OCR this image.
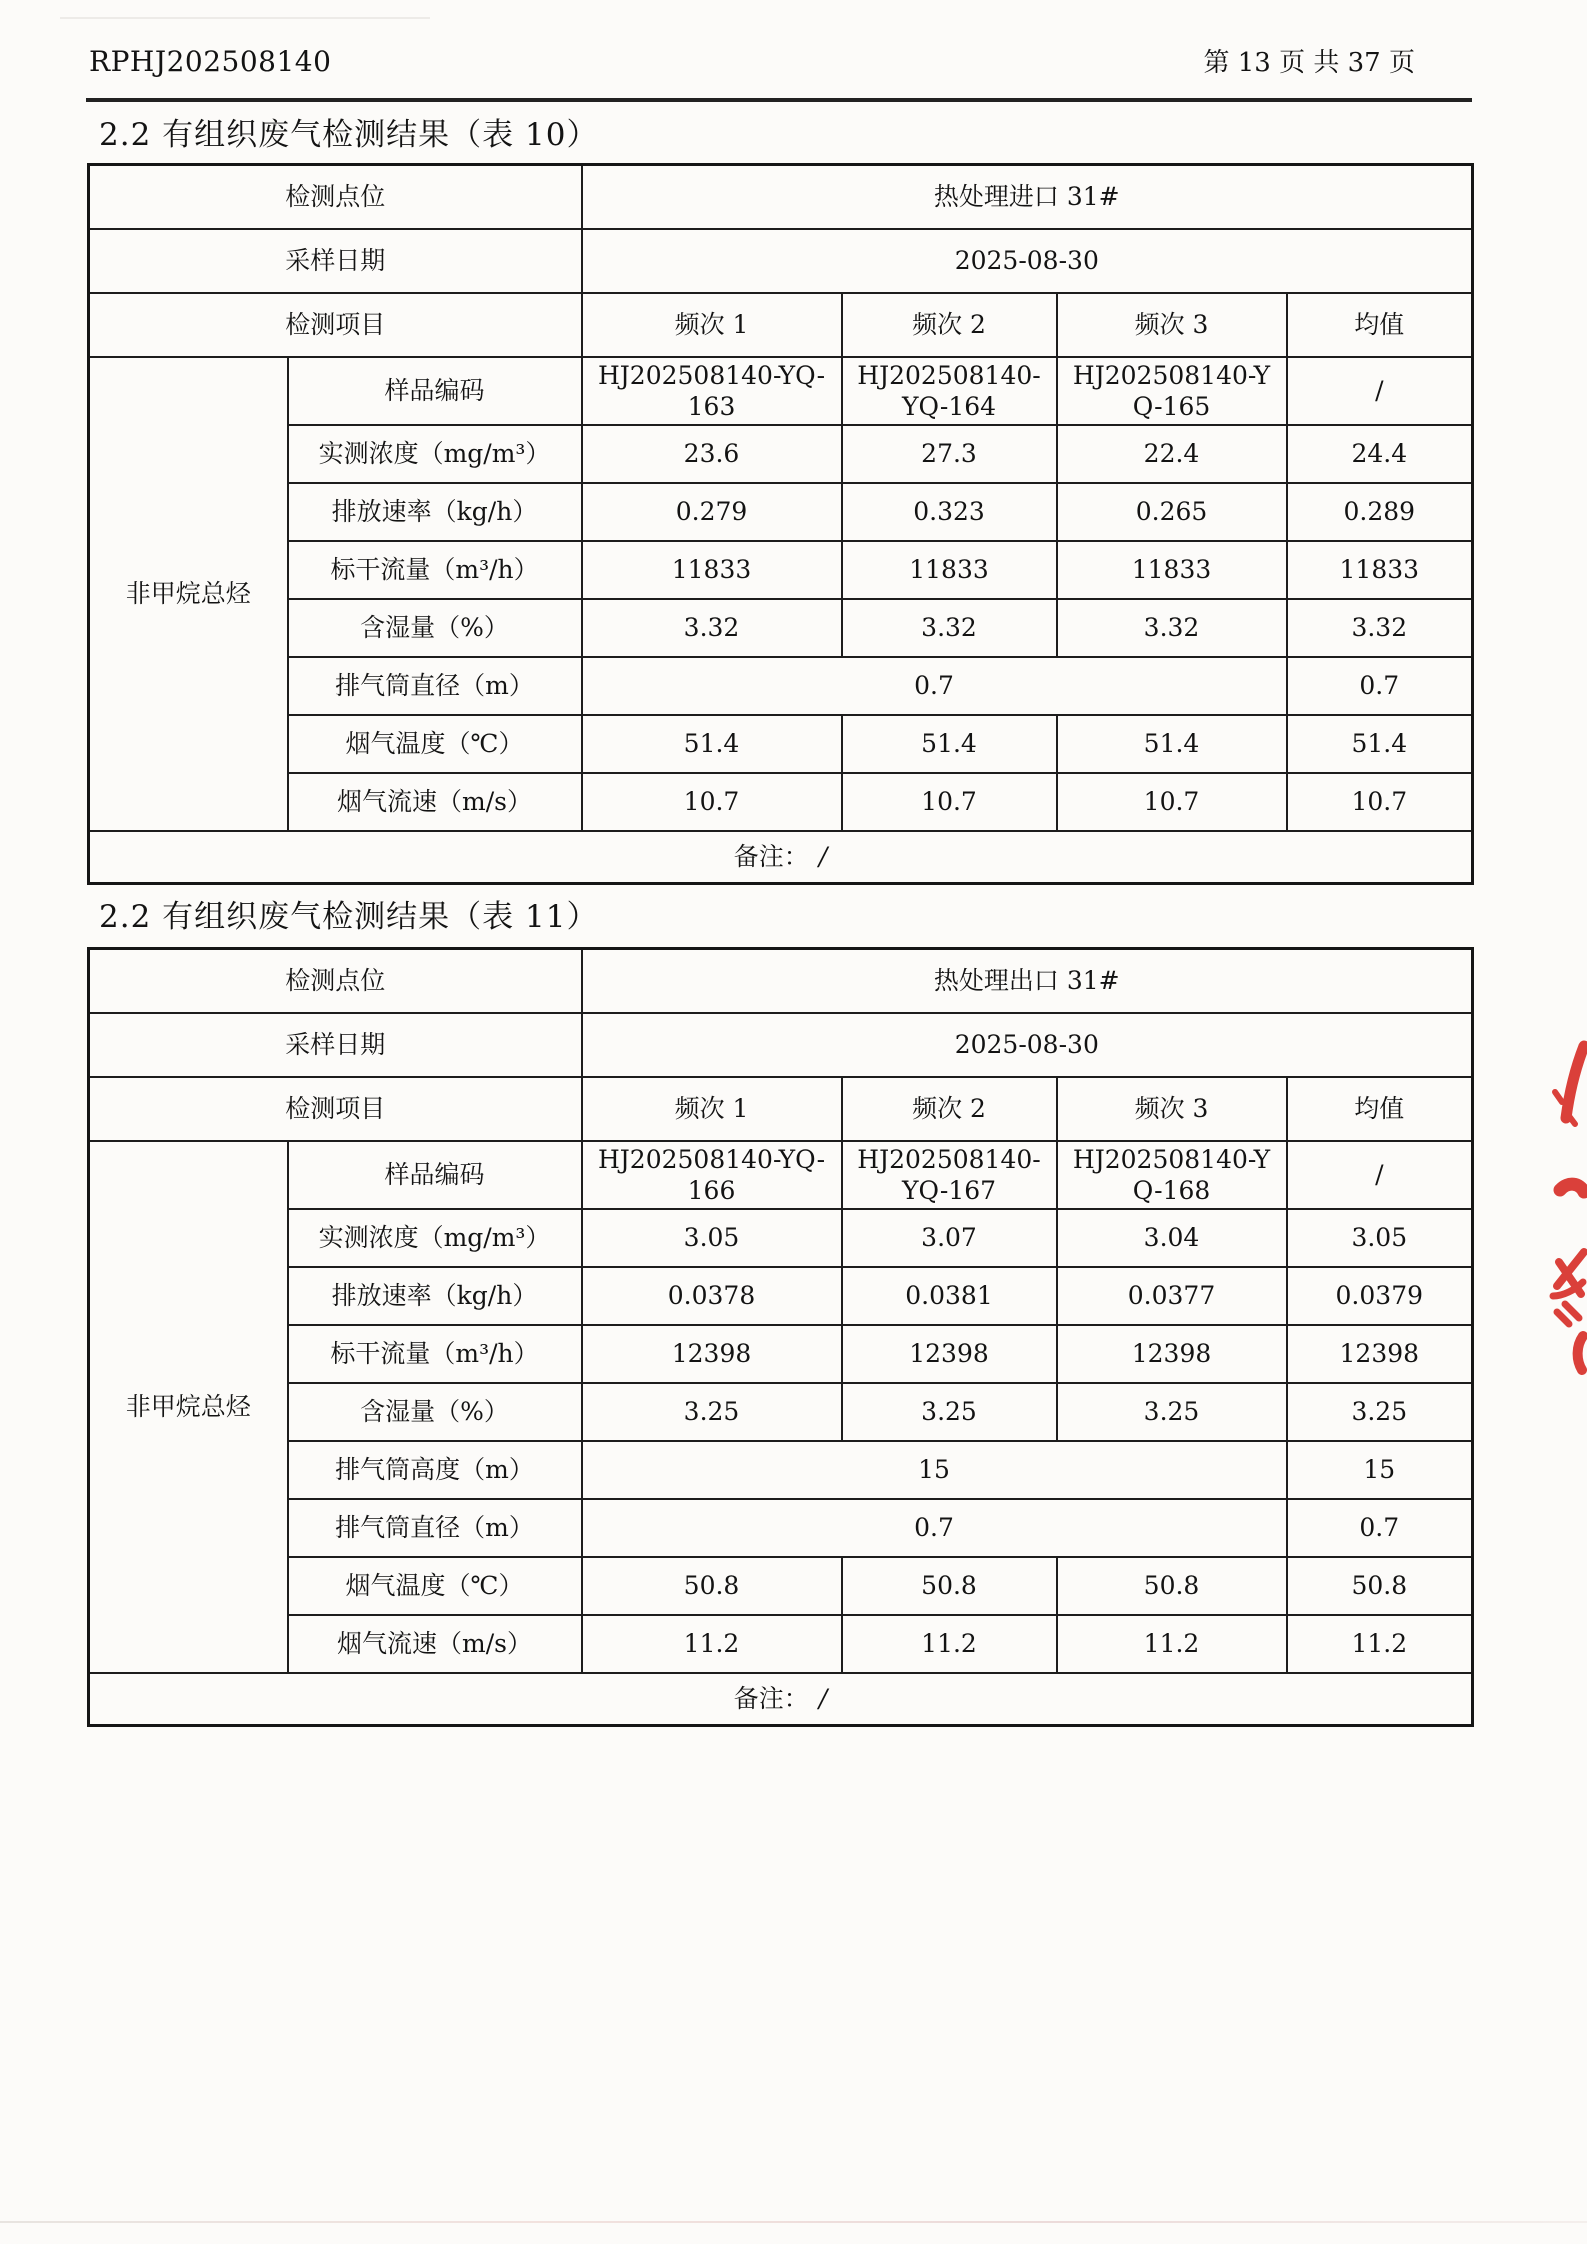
RPHJ202508140	第 13 页 共 37 页
2.2 有组织废气检测结果（表 10）
检测点位		热处理进口 31#			
采样日期		2025-08-30			
检测项目		频次 1	频次 2	频次 3	均值
非甲烷总烃	样品编码	HJ202508140-YQ-163	HJ202508140-YQ-164	HJ202508140-YQ-165	/
	实测浓度（mg/m³）	23.6	27.3	22.4	24.4
	排放速率（kg/h）	0.279	0.323	0.265	0.289
	标干流量（m³/h）	11833	11833	11833	11833
	含湿量（%）	3.32	3.32	3.32	3.32
	排气筒直径（m）	0.7			0.7
	烟气温度（℃）	51.4	51.4	51.4	51.4
	烟气流速（m/s）	10.7	10.7	10.7	10.7
备注： /					
2.2 有组织废气检测结果（表 11）
检测点位		热处理出口 31#			
采样日期		2025-08-30			
检测项目		频次 1	频次 2	频次 3	均值
非甲烷总烃	样品编码	HJ202508140-YQ-166	HJ202508140-YQ-167	HJ202508140-YQ-168	/
	实测浓度（mg/m³）	3.05	3.07	3.04	3.05
	排放速率（kg/h）	0.0378	0.0381	0.0377	0.0379
	标干流量（m³/h）	12398	12398	12398	12398
	含湿量（%）	3.25	3.25	3.25	3.25
	排气筒高度（m）	15			15
	排气筒直径（m）	0.7			0.7
	烟气温度（℃）	50.8	50.8	50.8	50.8
	烟气流速（m/s）	11.2	11.2	11.2	11.2
备注： /					
